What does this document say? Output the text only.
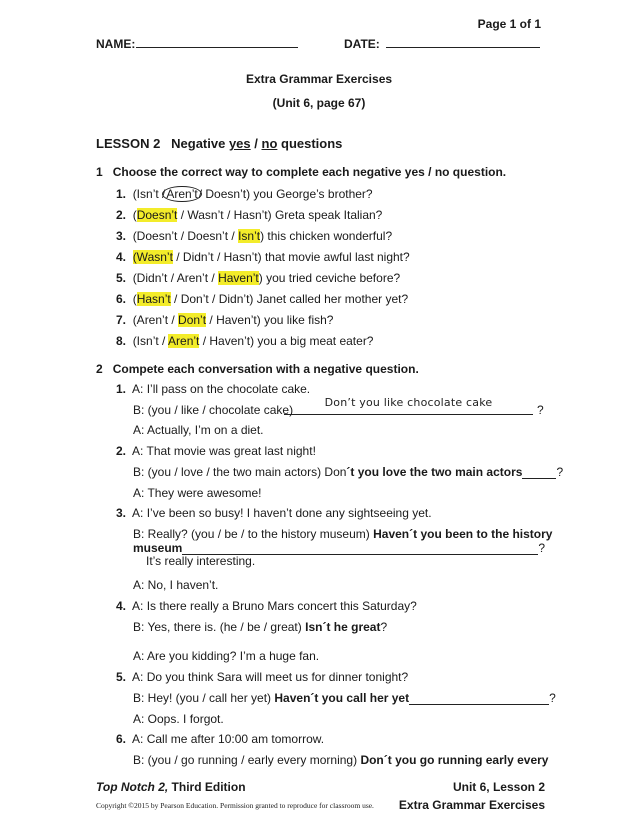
Page 1 of 1
NAME:	DATE:
Extra Grammar Exercises
(Unit 6, page 67)
LESSON 2 Negative yes / no questions
1 Choose the correct way to complete each negative yes / no question.
1. (Isn’t /Aren’t/ Doesn’t) you George’s brother?
2. (Doesn’t / Wasn’t / Hasn’t) Greta speak Italian?
3. (Doesn’t / Doesn’t / Isn’t) this chicken wonderful?
4. (Wasn’t / Didn’t / Hasn’t) that movie awful last night?
5. (Didn’t / Aren’t / Haven’t) you tried ceviche before?
6. (Hasn’t / Don’t / Didn’t) Janet called her mother yet?
7. (Aren’t / Don’t / Haven’t) you like fish?
8. (Isn’t / Aren’t / Haven’t) you a big meat eater?
2 Compete each conversation with a negative question.
1. A: I’ll pass on the chocolate cake.
B: (you / like / chocolate cake)
Don’t you like chocolate cake
?
A: Actually, I’m on a diet.
2. A: That movie was great last night!
B: (you / love / the two main actors) Don´t you love the two main actors	?
A: They were awesome!
3. A: I’ve been so busy! I haven’t done any sightseeing yet.
B: Really? (you / be / to the history museum) Haven´t you been to the history
museum	?
It’s really interesting.
A: No, I haven’t.
4. A: Is there really a Bruno Mars concert this Saturday?
B: Yes, there is. (he / be / great) Isn´t he great?
A: Are you kidding? I’m a huge fan.
5. A: Do you think Sara will meet us for dinner tonight?
B: Hey! (you / call her yet) Haven´t you call her yet	?
A: Oops. I forgot.
6. A: Call me after 10:00 am tomorrow.
B: (you / go running / early every morning) Don´t you go running early every
Top Notch 2, Third Edition	Unit 6, Lesson 2
Copyright ©2015 by Pearson Education. Permission granted to reproduce for classroom use. Extra Grammar Exercises
